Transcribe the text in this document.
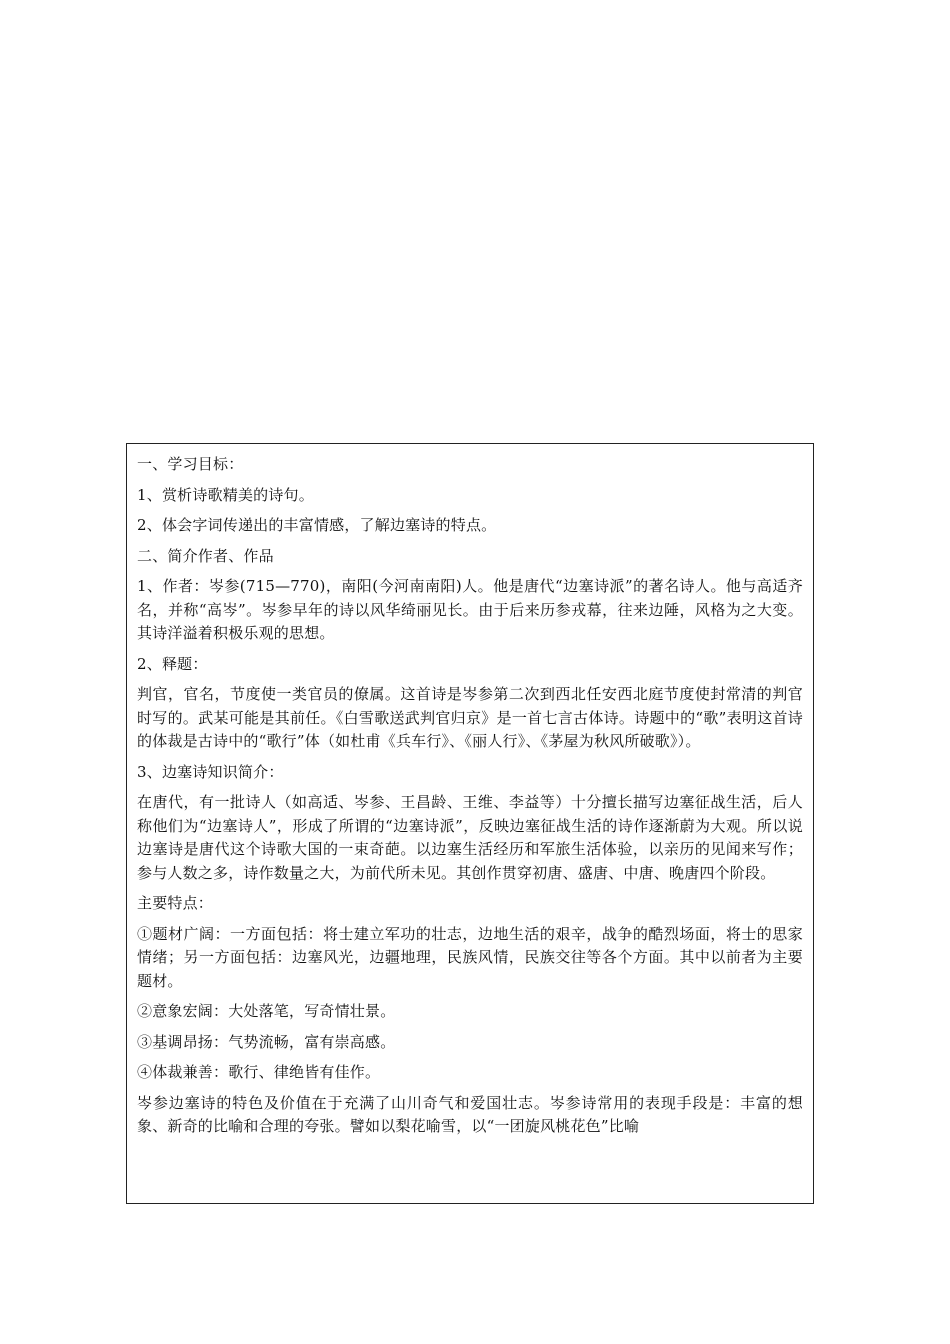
一、学习目标：

1、赏析诗歌精美的诗句。

2、体会字词传递出的丰富情感，了解边塞诗的特点。

二、简介作者、作品

1、作者：岑参(715—770)，南阳(今河南南阳)人。他是唐代“边塞诗派”的著名诗人。他与高适齐名，并称“高岑”。岑参早年的诗以风华绮丽见长。由于后来历参戎幕，往来边陲，风格为之大变。其诗洋溢着积极乐观的思想。

2、释题：

判官，官名，节度使一类官员的僚属。这首诗是岑参第二次到西北任安西北庭节度使封常清的判官时写的。武某可能是其前任。《白雪歌送武判官归京》是一首七言古体诗。诗题中的“歌”表明这首诗的体裁是古诗中的“歌行”体（如杜甫《兵车行》、《丽人行》、《茅屋为秋风所破歌》）。

3、边塞诗知识简介：

在唐代，有一批诗人（如高适、岑参、王昌龄、王维、李益等）十分擅长描写边塞征战生活，后人称他们为“边塞诗人”，形成了所谓的“边塞诗派”，反映边塞征战生活的诗作逐渐蔚为大观。所以说边塞诗是唐代这个诗歌大国的一束奇葩。以边塞生活经历和军旅生活体验，以亲历的见闻来写作；参与人数之多，诗作数量之大，为前代所未见。其创作贯穿初唐、盛唐、中唐、晚唐四个阶段。

主要特点：

①题材广阔：一方面包括：将士建立军功的壮志，边地生活的艰辛，战争的酷烈场面，将士的思家情绪；另一方面包括：边塞风光，边疆地理，民族风情，民族交往等各个方面。其中以前者为主要题材。

②意象宏阔：大处落笔，写奇情壮景。

③基调昂扬：气势流畅，富有崇高感。

④体裁兼善：歌行、律绝皆有佳作。

岑参边塞诗的特色及价值在于充满了山川奇气和爱国壮志。岑参诗常用的表现手段是：丰富的想象、新奇的比喻和合理的夸张。譬如以梨花喻雪，以“一团旋风桃花色”比喻
